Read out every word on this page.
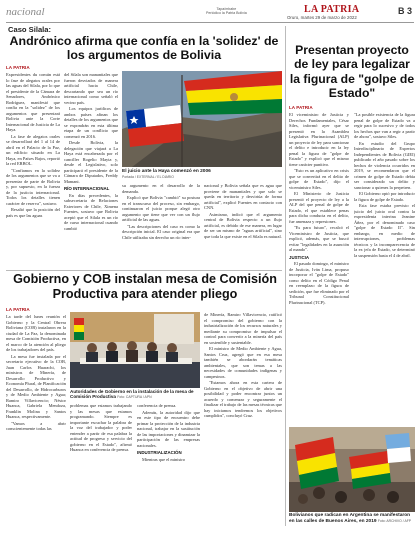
nacional	Tapa/mbabe
Periódico la Patria Bolivia	LA PATRIA
Oruro, martes 29 de marzo de 2022
B 3
Caso Silala:
Andrónico afirma que confía en la 'solidez' de los argumentos de Bolivia
LA PATRIA

Expresidentes du común está lo fase de alegatos orales por las aguas del Silala, por lo que el presidente de la Cámara de Senadores, Andrónico Rodríguez, manifestó que confía en la "solidez" de los argumentos que presentará Bolivia ante la Corte Internacional de Justicia de La Haya.

La fase de alegatos orales se desarrollará del 1 al 14 de abril en el Palacio de la Paz, un edificio situado en La Haya, en Países Bajos, reportó la red ERBOL.

"Confiamos en la solidez de los argumentos que se va a presentar de parte de Bolivia y, por supuesto, en la fuerza de la justicia internacional. Todos los detalles tienen carácter de reserva", sostuvo.

Resaltó que la posición del país es que las aguas

del Silala son manantiales que fueron desviados de manera artificial hacia Chile, descartando que sea un río internacional como señaló el vecino país.

Los equipos jurídicos de ambos países afinan los detalles de los argumentos que se expondrán en esta última etapa de un conflicto que comenzó en 2016.

Desde Bolivia, la delegación que viajará a La Haya está encabezada por el canciller Rogelio Mayta y, desde el Legislativo, solo participará el presidente de la Cámara de Diputados, Freddy Mamani.

RÍO INTERNACIONAL

En días precedentes, la subsecretaria de Relaciones Exteriores de Chile, Ximena Fuentes, sostuvo que Bolivia aceptó que el Silala es un río de curso internacional cuando cambió

El juicio ante la Haya comenzó en 2006
Portada / EXTERNAL / EL DIARIO

su argumento en el desarrollo de la demanda.

Explicó que Bolivia "cambió" su postura en el transcurso del proceso, sin embargo, continuaron el juicio porque alegó otro argumento que tiene que ver con un flujo artificial de las aguas.

"Las descripciones del caso es como la descripción inicial. El caso original era que Chile utilizaba sin derecho un río inter-

nacional y Bolivia señala que es agua que proviene de manantiales y que solo se queda en territorio y desvirtúa de forma artificial", explicó Fuentes en contacto con CNN.

Asimismo, indicó que el argumento central de Bolivia respecto a un flujo artificial, es debido de ese manera, en lugar de ser un mismo de "aguas artificial", sino que toda la que existe en el Silala es natural.

Presentan proyecto de ley para legalizar la figura de "golpe de Estado"
LA PATRIA

El viceministro de Justicia y Derechos Fundamentales, César Siles, informó ayer que se presentó en la Asamblea Legislativa Plurinacional (ALP) un proyecto de ley para sancionar el delito e introducir en la ley penal la figura de "golpe de Estado" y explicó que el mismo tiene carácter punitivo.

"Esto es un aplicativo en crisis que se convertirá en el delito de golpe de Estado", dijo el viceministro Siles.

El Ministerio de Justicia presentó el proyecto de ley a la ALP del que penal de golpe de Estado, el que establece penas para dicha conducta en el delito, fue amenaza y represiones.

"Es para futuro", recalcó el Viceministro de Justicia, que explicó, además, que se buscó evitar "legalidades en la asunción al mando".

JUSTICIA

El pasado domingo, el ministro de Justicia, Iván Lima, propuso incorporar el "golpe de Estado" como delito en el Código Penal en reemplazo de la figura de sedición, que fue eliminado por el Tribunal Constitucional Plurinacional (TCP).

"La posible existencia de la figura penal de golpe de Estado va a regir para lo sucesivo y de todos los hechos que van a regir a partir de ahora", sostuvo Siles.

En estudio del Grupo Interdisciplinario de Expertos Independientes de Bolivia (GIEI) publicado el año pasado sobre los hechos de violencia ocurridos en 2019, se recomendaron que el crimen de golpe de Estado debía ser considerado un delito y sancionar a quienes la perpetren.

El Gobierno optó por introducir la figura de golpe de Estado.

Esta fase estaba previsto el juicio del juicio oral contra la expresidenta interina Jeanine Áñez, por el denominado caso "golpe de Estado II". Sin embargo, en medio de interrupciones, problemas técnicos y la incomparecencia de la ex jefa de Estado, se determinó la suspensión hasta el 4 de abril.

Bolivianos que radican en Argentina se manifestaron en las calles de Buenos Aires, en 2019 Foto: ARCHIVO / AFP
Gobierno y COB instalan mesa de Comisión Productiva para atender pliego
LA PATRIA

La tarde del lunes reunión el Gobierno y la Central Obrera Boliviana (COB) instalaron en la ciudad de La Paz, la denominada mesa de Comisión Productiva, en el marco de la atención al pliego de los trabajadores del país.

La mesa fue instalada por el secretario ejecutivo de la COB, Juan Carlos Huarachi, los ministros de Minería, de Desarrollo Productivo y Economía Plural, de Planificación del Desarrollo, de Hidrocarburos y de Medio Ambiente y Agua; Ramiro Villavicencio; Néstor Huanca, Gabriela Mendoza, Franklin Molina y Santos Huanca, respectivamente.

"Vamos a abrir conscientemente todas las

Autoridades de Gobierno en la instalación de la mesa de Comisión Productiva Foto: CAPTURA / APN

problemas que estamos trabajando y las mesas que estamos programando. Siempre es importante escuchar la palabra de la voz del trabajador y poder entender a partir de esa palabra la actitud de progreso y servicio del gobierno en el Estado", afirmó Huanca en conferencia de prensa.

conferencia de prensa.

Además, la autoridad dijo que en este tipo de encuentro debe primar la protección de la industria nacional, trabajar en la sustitución de las importaciones y dinamizar la participación de las empresas nacionales.

INDUSTRIALIZACIÓN

Mientras que el ministro

de Minería, Ramiro Villavicencio, ratificó el compromiso del gobierno con la industrialización de los recursos naturales y mediante su compromiso de impulsar el control para convertir a la minería del país en sostenible y sustentable.

El ministro de Medio Ambiente y Agua, Santos Cruz, agregó que en esa mesa también se abordarán temáticas ambientales, que son temas a las necesidades de comunidades indígenas y campesinos.

"Estamos ahora en esta cartera de Gobierno en el objetivo de abrir una posibilidad y poder encontrar juntos un acuerdo y comenzar y seguramente el finalizar el trabajo de las mesas técnicas que hay iniciamos tendremos los objetivos cumplidos", concluyó Cruz.
